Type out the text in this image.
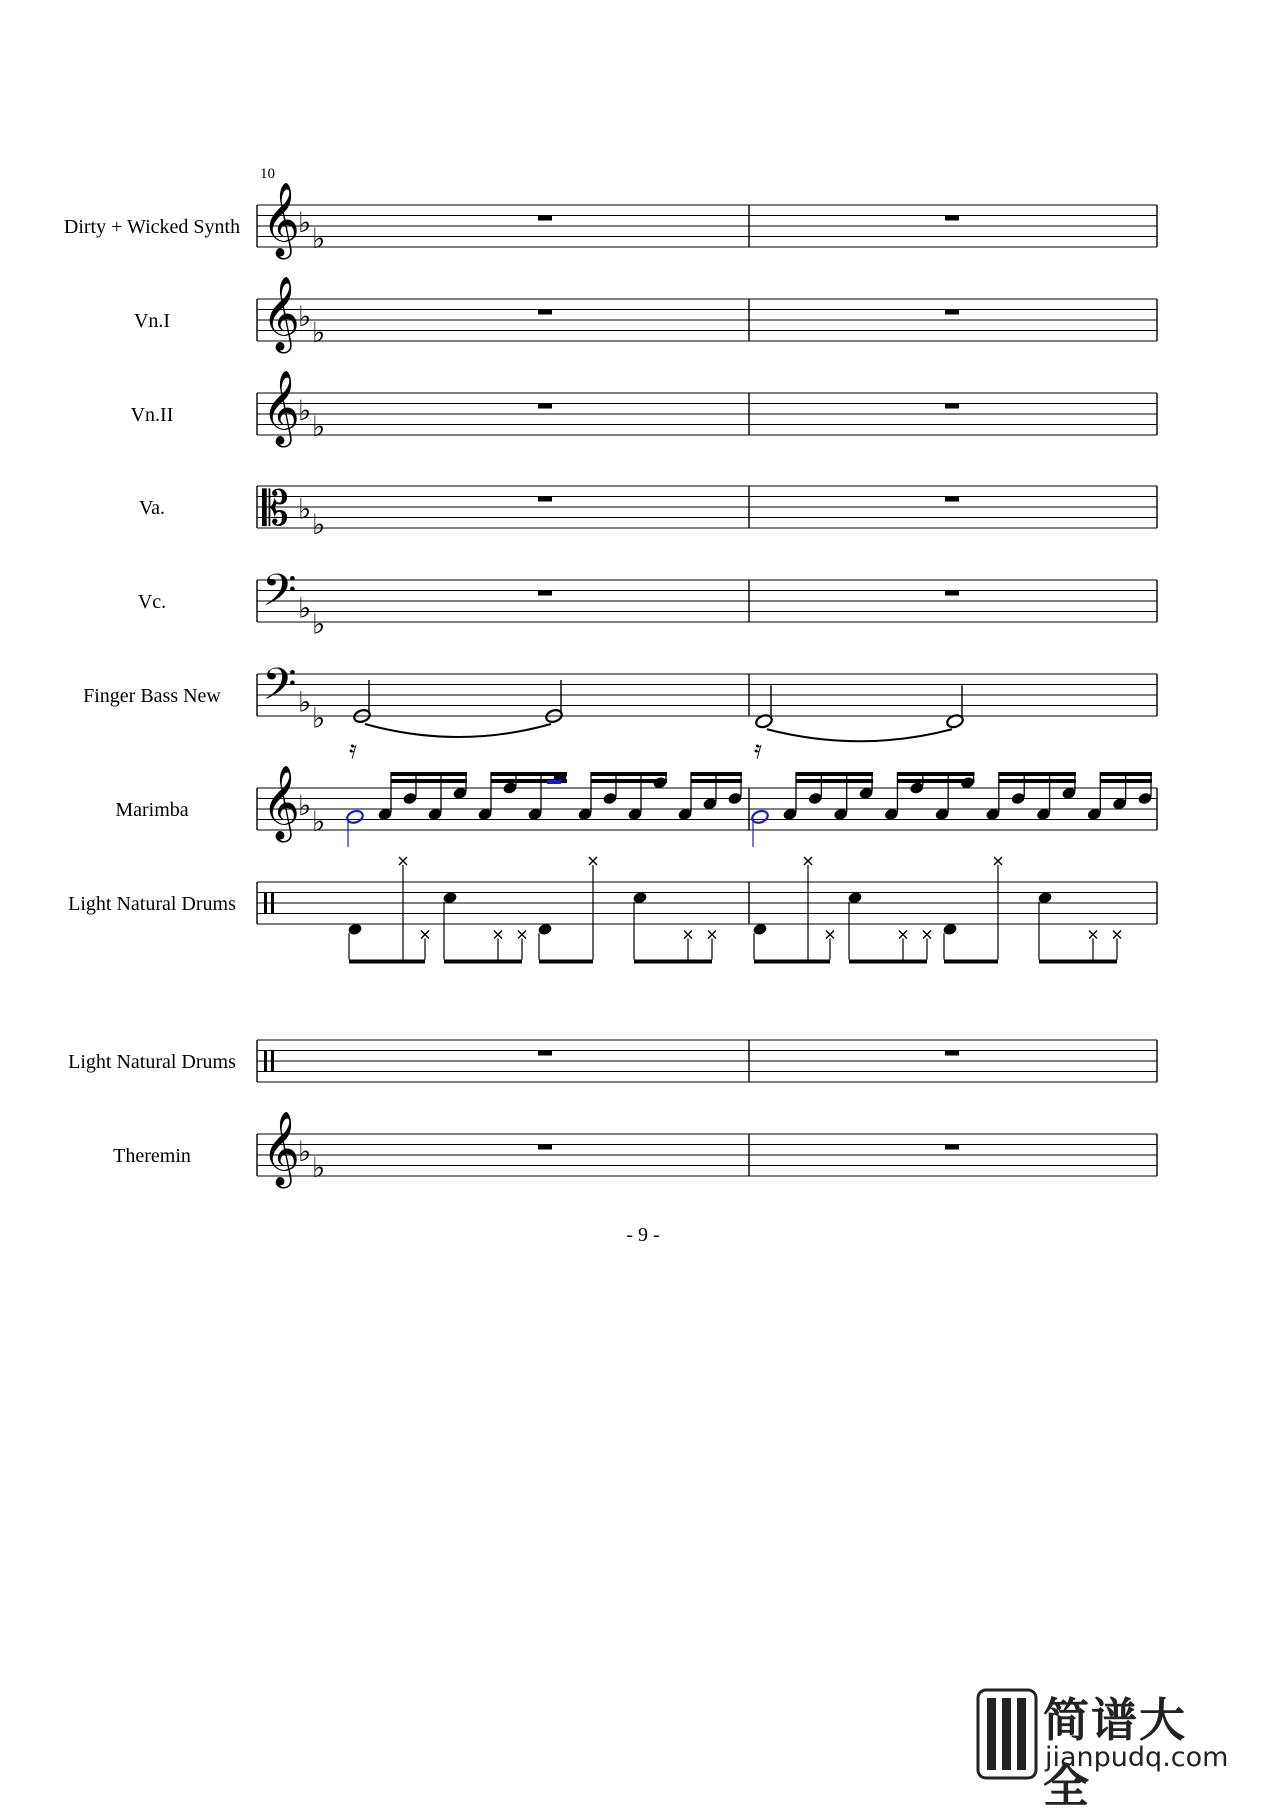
10
Dirty + Wicked Synth 𝄞
♭ ♭
Vn.I 𝄞
♭ ♭
Vn.II 𝄞
♭ ♭
Va. 𝄡 ♭ ♭
Vc. 𝄢 ♭ ♭
Finger Bass New 𝄢 ♭ ♭
Marimba 𝄞
♭ ♭
Light Natural Drums
Light Natural Drums
Theremin 𝄞
♭ ♭
𝄿	𝄿
- 9 -
简谱大全
jianpudq.com
